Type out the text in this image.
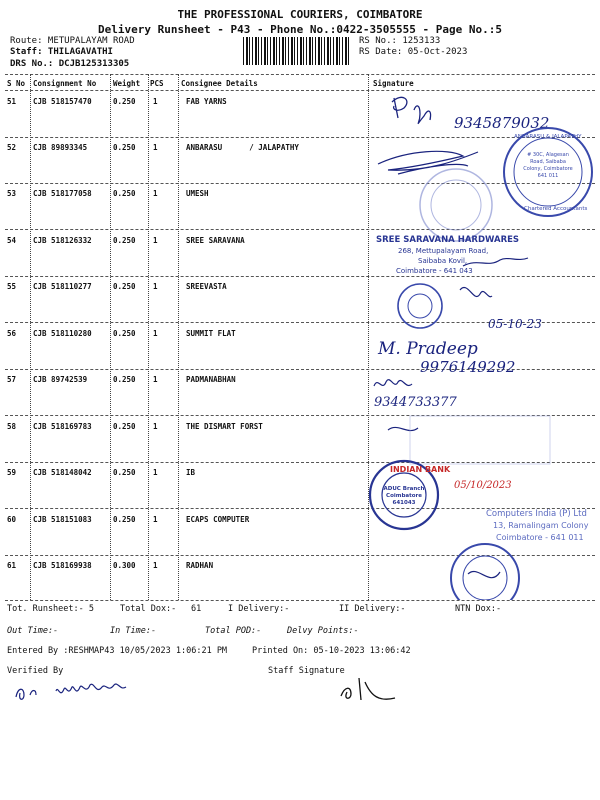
THE PROFESSIONAL COURIERS, COIMBATORE
Delivery Runsheet - P43 - Phone No.:0422-3505555 - Page No.:5
Route: METUPALAYAM ROAD
Staff: THILAGAVATHI
DRS No.: DCJB125313305
RS No.: 1253133
RS Date: 05-Oct-2023
S No Consignment No Weight PCS Consignee Details	Signature
51 CJB 518157470	0.250 1	FAB YARNS
52 CJB 89893345	0.250 1	ANBARASU      / JALAPATHY
53 CJB 518177058	0.250 1	UMESH
54 CJB 518126332	0.250 1	SREE SARAVANA
55 CJB 518110277	0.250 1	SREEVASTA
56 CJB 518110280	0.250 1	SUMMIT FLAT
57 CJB 89742539	0.250 1	PADMANABHAN
58 CJB 518169783	0.250 1	THE DISMART FORST
59 CJB 518148042	0.250 1	IB
60 CJB 518151083	0.250 1	ECAPS COMPUTER
61 CJB 518169938	0.300 1	RADHAN
9345879032
ANBARASU & JALAPATHY
# 30C, Alagesan Road, Saibaba Colony, Coimbatore 641 011
Chartered Accountants
SREE SARAVANA HARDWARES
268, Mettupalayam Road,
Saibaba Kovil,
Coimbatore - 641 043
05-10-23
M. Pradeep
9976149292
9344733377
INDIAN BANK
ADUC Branch Coimbatore 641043
05/10/2023
Computers India (P) Ltd
13, Ramalingam Colony
Coimbatore - 641 011
Tot. Runsheet:- 5	Total Dox:- 61	I Delivery:-	II Delivery:-	NTN Dox:-
Out Time:-	In Time:-	Total POD:-	Delvy Points:-
Entered By :RESHMAP43 10/05/2023 1:06:21 PM	Printed On: 05-10-2023 13:06:42
Verified By	Staff Signature
